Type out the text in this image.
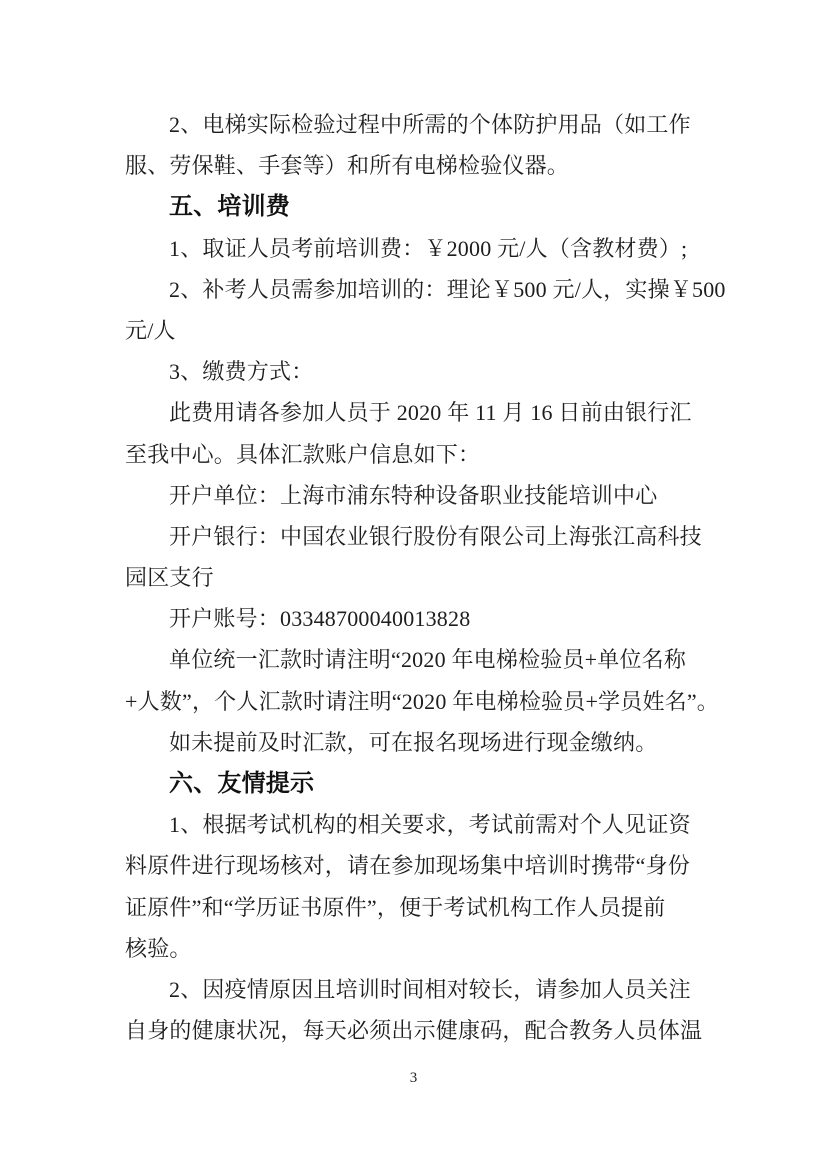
2、电梯实际检验过程中所需的个体防护用品（如工作
服、劳保鞋、手套等）和所有电梯检验仪器。
五、培训费
1、取证人员考前培训费：￥2000 元/人（含教材费）;
2、补考人员需参加培训的：理论￥500 元/人，实操￥500
元/人
3、缴费方式：
此费用请各参加人员于 2020 年 11 月 16 日前由银行汇
至我中心。具体汇款账户信息如下：
开户单位：上海市浦东特种设备职业技能培训中心
开户银行：中国农业银行股份有限公司上海张江高科技
园区支行
开户账号：03348700040013828
单位统一汇款时请注明“2020 年电梯检验员+单位名称
+人数”，个人汇款时请注明“2020 年电梯检验员+学员姓名”。
如未提前及时汇款，可在报名现场进行现金缴纳。
六、友情提示
1、根据考试机构的相关要求，考试前需对个人见证资
料原件进行现场核对，请在参加现场集中培训时携带“身份
证原件”和“学历证书原件”，便于考试机构工作人员提前
核验。
2、因疫情原因且培训时间相对较长，请参加人员关注
自身的健康状况，每天必须出示健康码，配合教务人员体温
3
